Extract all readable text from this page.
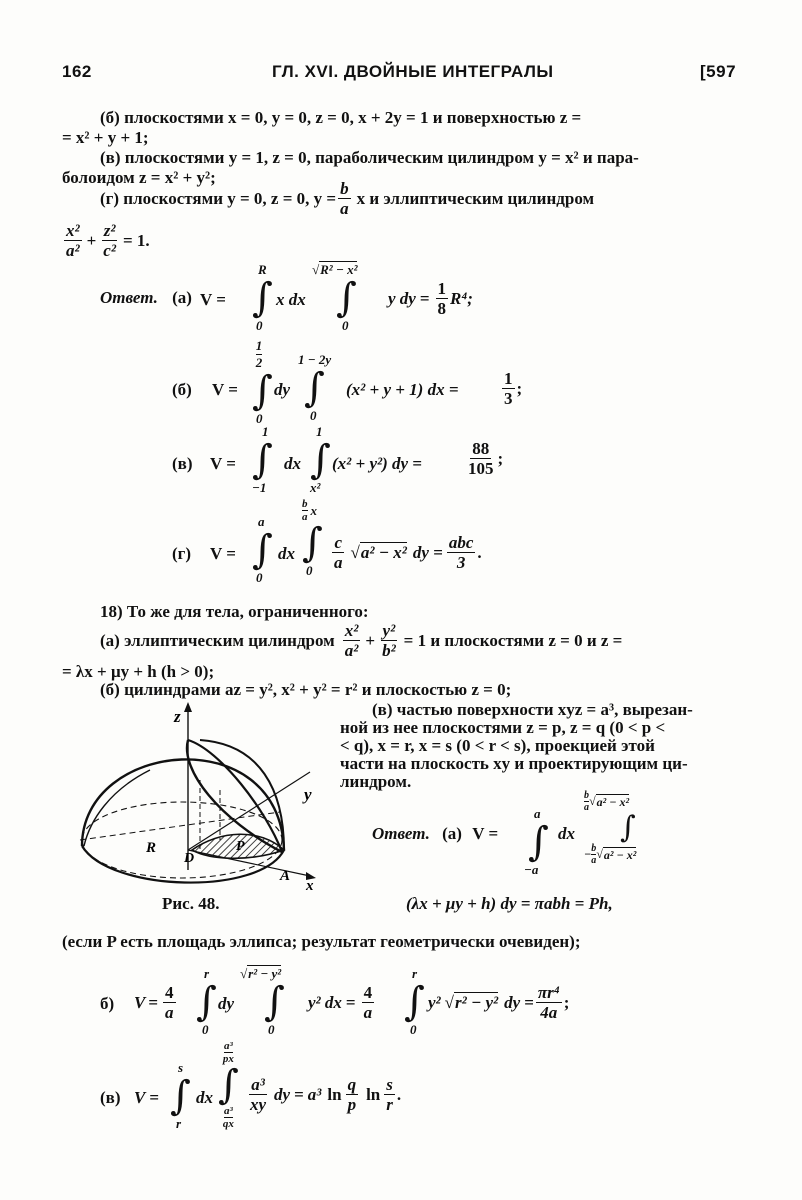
162	ГЛ. XVI. ДВОЙНЫЕ ИНТЕГРАЛЫ	[597
(б) плоскостями x = 0, y = 0, z = 0, x + 2y = 1 и поверхностью z =
= x² + y + 1;
(в) плоскостями y = 1, z = 0, параболическим цилиндром y = x² и пара-
болоидом z = x² + y²;
(г) плоскостями y = 0, z = 0, $y = \frac{b}{a}$ x и эллиптическим цилиндром
$\frac{\text{x²}}{\text{a²}} + \frac{\text{z²}}{\text{c²}} = 1$.
Ответ. (а) V =
R
∫
0
x dx
√R² − x²
∫
0
y dy = $\frac{1}{8} R^4$;
(б) V =
1
2
∫
0
dy
1 − 2y
∫
0
(x² + y + 1) dx =	$\frac{1}{3}$ ;
(в) V =
1
∫
−1
dx
1
∫
x²
(x² + y²) dy =	$\frac{88}{105}$ ;
(г) V =
a
∫
0
dx
b
a x
∫
0	$\frac{c}{a}$ √ a² − x² dy = $\frac{\text{abc}}{3}$ .
18) То же для тела, ограниченного:
(а) эллиптическим цилиндром $\frac{\text{x²}}{\text{a²}} + \frac{\text{y²}}{\text{b²}} = 1$ и плоскостями z = 0 и z =
= λx + μy + h (h > 0);
(б) цилиндрами az = y², x² + y² = r² и плоскостью z = 0;
(в) частью поверхности xyz = a³, вырезан-
ной из нее плоскостями z = p, z = q (0 < p <
< q), x = r, x = s (0 < r < s), проекцией этой
части на плоскость xy и проектирующим ци-
линдром.
z
y
x
R
D
P
A
Рис. 48.
Ответ. (а) V =
a
∫
−a
dx
b
a √ a² − x²
∫
− $\frac{b}{a}$ √ a² − x²
(λx + μy + h) dy = πabh = Ph,
(если P есть площадь эллипса; результат геометрически очевиден);
б) $V = \frac{4}{a}$
r
∫
0
dy
√r² − y²
∫
0
y² dx = $\frac{4}{a}$
r
∫
0
y² √ r² − y² dy = $\frac{\text{πr⁴}}{4a}$ ;
(в) V =
s
∫
r
dx
a³
px
∫
a³
qx
$\frac{\text{a³}}{xy}$ dy = a³ $\ln \frac{q}{p}$ $\ln \frac{s}{r}$ .
